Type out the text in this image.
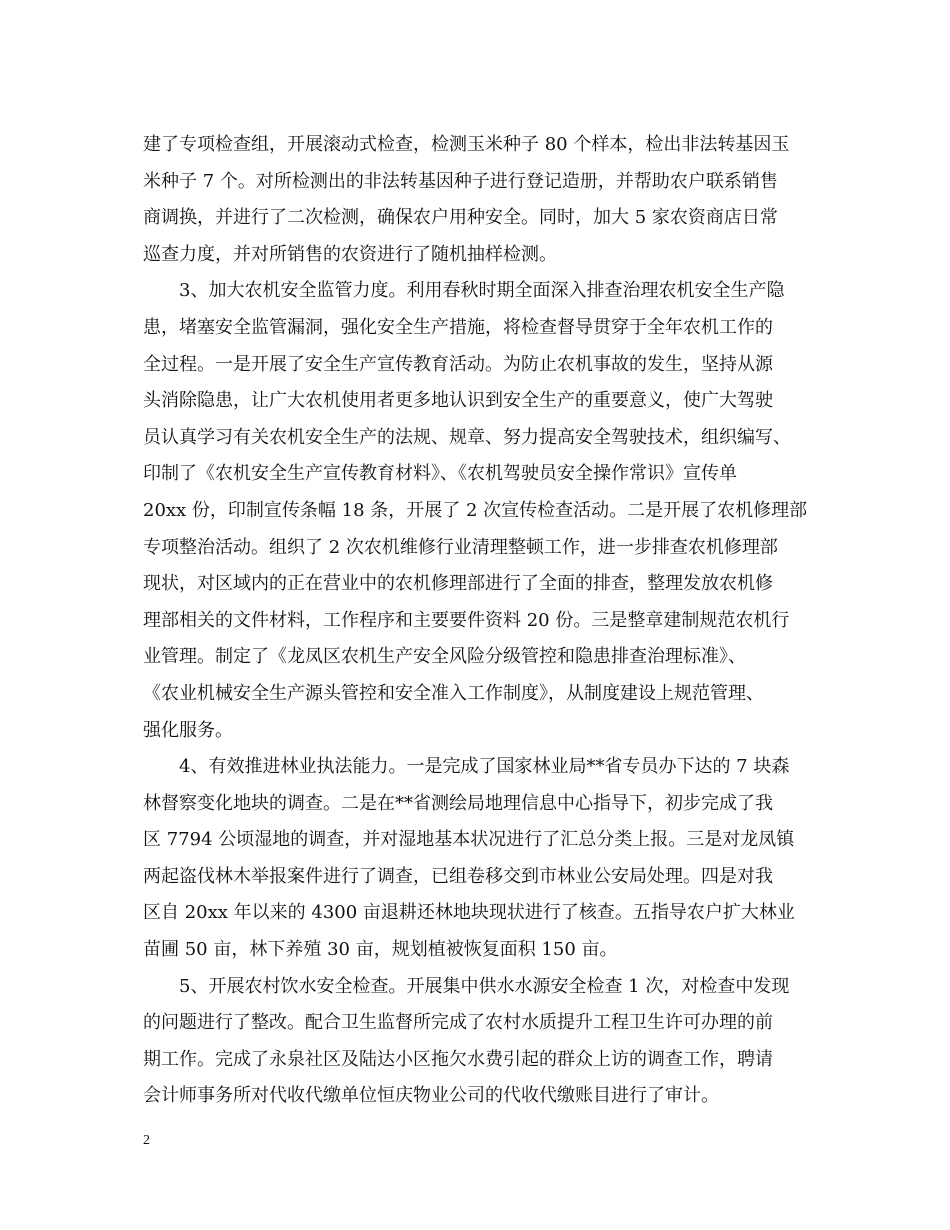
建了专项检查组，开展滚动式检查，检测玉米种子 80 个样本，检出非法转基因玉
米种子 7 个。对所检测出的非法转基因种子进行登记造册，并帮助农户联系销售
商调换，并进行了二次检测，确保农户用种安全。同时，加大 5 家农资商店日常
巡查力度，并对所销售的农资进行了随机抽样检测。
　　3、加大农机安全监管力度。利用春秋时期全面深入排查治理农机安全生产隐
患，堵塞安全监管漏洞，强化安全生产措施，将检查督导贯穿于全年农机工作的
全过程。一是开展了安全生产宣传教育活动。为防止农机事故的发生，坚持从源
头消除隐患，让广大农机使用者更多地认识到安全生产的重要意义，使广大驾驶
员认真学习有关农机安全生产的法规、规章、努力提高安全驾驶技术，组织编写、
印制了《农机安全生产宣传教育材料》、《农机驾驶员安全操作常识》宣传单
20xx 份，印制宣传条幅 18 条，开展了 2 次宣传检查活动。二是开展了农机修理部
专项整治活动。组织了 2 次农机维修行业清理整顿工作，进一步排查农机修理部
现状，对区域内的正在营业中的农机修理部进行了全面的排查，整理发放农机修
理部相关的文件材料，工作程序和主要要件资料 20 份。三是整章建制规范农机行
业管理。制定了《龙凤区农机生产安全风险分级管控和隐患排查治理标准》、
《农业机械安全生产源头管控和安全准入工作制度》，从制度建设上规范管理、
强化服务。
　　4、有效推进林业执法能力。一是完成了国家林业局**省专员办下达的 7 块森
林督察变化地块的调查。二是在**省测绘局地理信息中心指导下，初步完成了我
区 7794 公顷湿地的调查，并对湿地基本状况进行了汇总分类上报。三是对龙凤镇
两起盗伐林木举报案件进行了调查，已组卷移交到市林业公安局处理。四是对我
区自 20xx 年以来的 4300 亩退耕还林地块现状进行了核查。五指导农户扩大林业
苗圃 50 亩，林下养殖 30 亩，规划植被恢复面积 150 亩。
　　5、开展农村饮水安全检查。开展集中供水水源安全检查 1 次，对检查中发现
的问题进行了整改。配合卫生监督所完成了农村水质提升工程卫生许可办理的前
期工作。完成了永泉社区及陆达小区拖欠水费引起的群众上访的调查工作，聘请
会计师事务所对代收代缴单位恒庆物业公司的代收代缴账目进行了审计。
2
